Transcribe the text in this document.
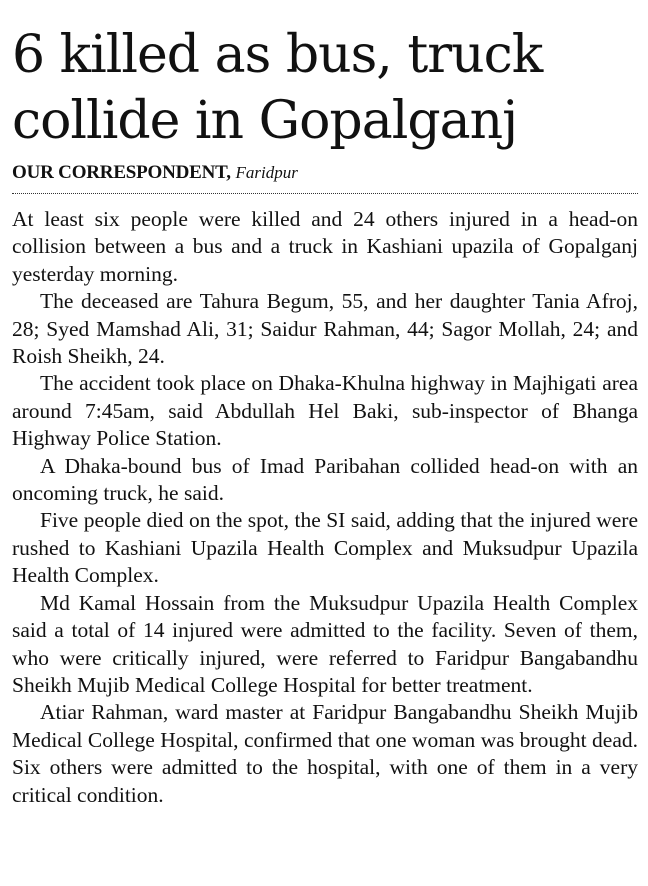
6 killed as bus, truck
collide in Gopalganj
OUR CORRESPONDENT, Faridpur

At least six people were killed and 24 others injured in a head-on collision between a bus and a truck in Kashiani upazila of Gopalganj yesterday morning.

The deceased are Tahura Begum, 55, and her daughter Tania Afroj, 28; Syed Mamshad Ali, 31; Saidur Rahman, 44; Sagor Mollah, 24; and Roish Sheikh, 24.

The accident took place on Dhaka-Khulna highway in Majhigati area around 7:45am, said Abdullah Hel Baki, sub-inspector of Bhanga Highway Police Station.

A Dhaka-bound bus of Imad Paribahan collided head-on with an oncoming truck, he said.

Five people died on the spot, the SI said, adding that the injured were rushed to Kashiani Upazila Health Complex and Muksudpur Upazila Health Complex.

Md Kamal Hossain from the Muksudpur Upazila Health Complex said a total of 14 injured were admitted to the facility. Seven of them, who were critically injured, were referred to Faridpur Bangabandhu Sheikh Mujib Medical College Hospital for better treatment.

Atiar Rahman, ward master at Faridpur Bangabandhu Sheikh Mujib Medical College Hospital, confirmed that one woman was brought dead. Six others were admitted to the hospital, with one of them in a very critical condition.
